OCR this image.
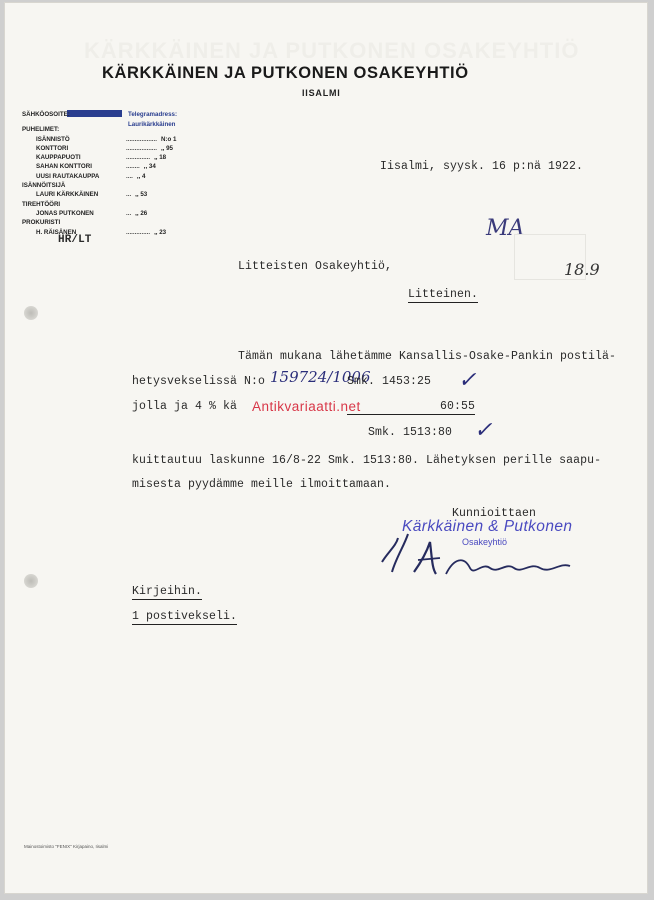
KÄRKKÄINEN JA PUTKONEN OSAKEYHTIÖ
KÄRKKÄINEN JA PUTKONEN OSAKEYHTIÖ
IISALMI
Telegramadress:
Laurikärkkäinen
SÄHKÖOSOITE:
PUHELIMET:
ISÄNNISTÖ	.................. N:o 1
KONTTORI	.................. ,, 95
KAUPPAPUOTI	.............. ,, 18
SAHAN KONTTORI	........ ,, 34
UUSI RAUTAKAUPPA	.... ,, 4
ISÄNNÖITSIJÄ
LAURI KÄRKKÄINEN	... ,, 53
TIREHTÖÖRI
JONAS PUTKONEN	... ,, 26
PROKURISTI
H. RÄISÄNEN	.............. ,, 23
HR/LT
Iisalmi, syysk. 16 p:nä 1922.
MA
18.9
Litteisten Osakeyhtiö,
Litteinen.
Tämän mukana lähetämme Kansallis-Osake-Pankin postilä-
hetysvekselissä N:o 159724/1006
Smk. 1453:25 ✓
jolla ja 4 % kä Antikvariaatti.net	60:55
Smk. 1513:80 ✓
kuittautuu laskunne 16/8-22 Smk. 1513:80. Lähetyksen perille saapu-
misesta pyydämme meille ilmoittamaan.
Kunnioittaen
Kärkkäinen & Putkonen
Osakeyhtiö
Kirjeihin.
1 postivekseli.
Mainostoimisto "FENIX" Kirjapaino, Iisalmi
